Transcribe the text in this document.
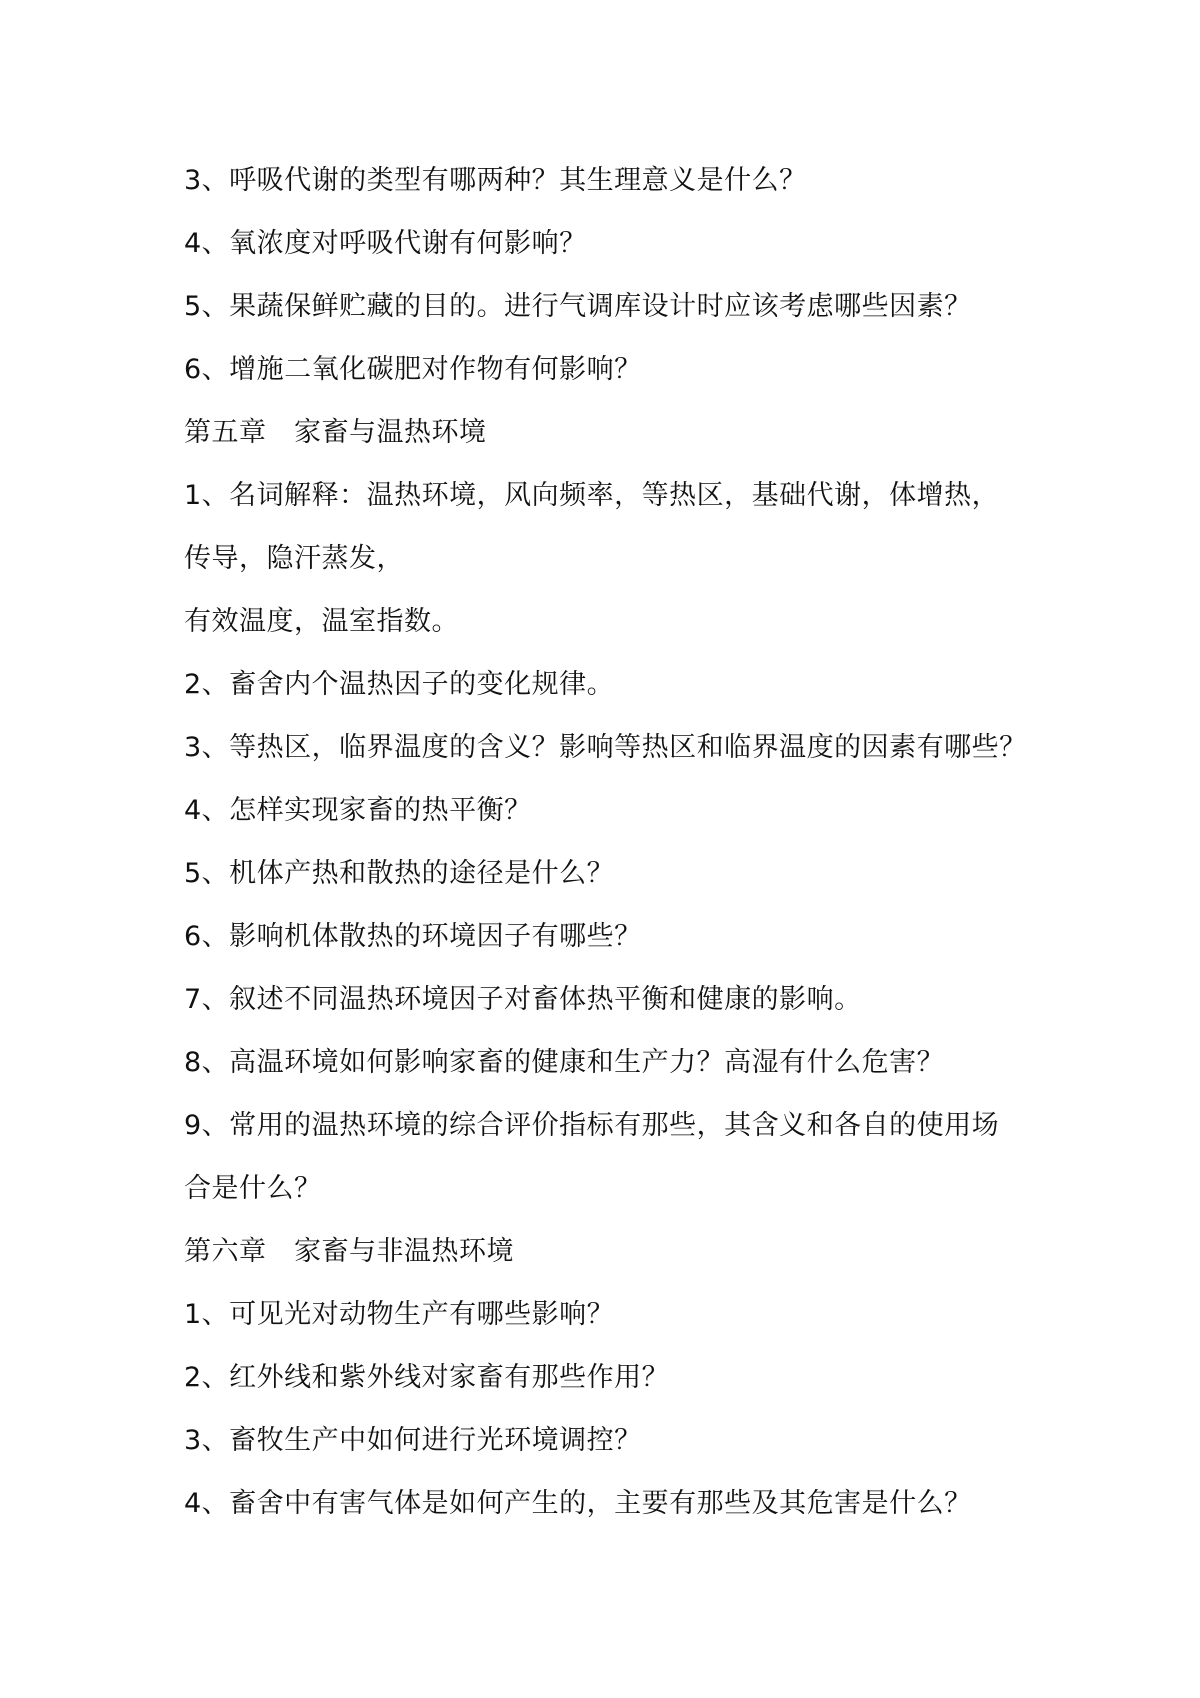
3、呼吸代谢的类型有哪两种？其生理意义是什么？
4、氧浓度对呼吸代谢有何影响？
5、果蔬保鲜贮藏的目的。进行气调库设计时应该考虑哪些因素？
6、增施二氧化碳肥对作物有何影响？
第五章　家畜与温热环境
1、名词解释：温热环境，风向频率，等热区，基础代谢，体增热，
传导，隐汗蒸发，
有效温度，温室指数。
2、畜舍内个温热因子的变化规律。
3、等热区，临界温度的含义？影响等热区和临界温度的因素有哪些？
4、怎样实现家畜的热平衡？
5、机体产热和散热的途径是什么？
6、影响机体散热的环境因子有哪些？
7、叙述不同温热环境因子对畜体热平衡和健康的影响。
8、高温环境如何影响家畜的健康和生产力？高湿有什么危害？
9、常用的温热环境的综合评价指标有那些，其含义和各自的使用场
合是什么？
第六章　家畜与非温热环境
1、可见光对动物生产有哪些影响？
2、红外线和紫外线对家畜有那些作用？
3、畜牧生产中如何进行光环境调控？
4、畜舍中有害气体是如何产生的，主要有那些及其危害是什么？
